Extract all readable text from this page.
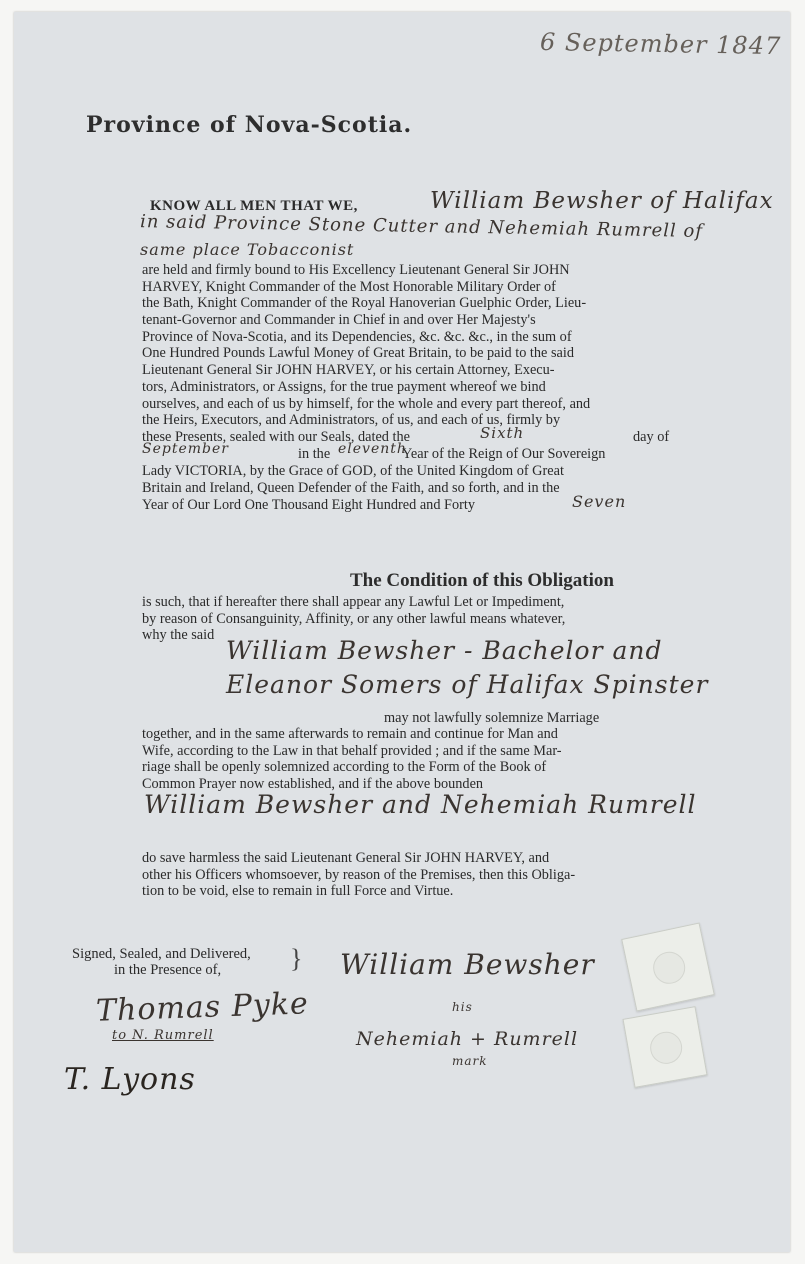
6 September 1847
Province of Nova-Scotia.
KNOW ALL MEN THAT WE,	William Bewsher of Halifax
in said Province Stone Cutter and Nehemiah Rumrell of
same place Tobacconist
are held and firmly bound to His Excellency Lieutenant General Sir JOHN
HARVEY, Knight Commander of the Most Honorable Military Order of
the Bath, Knight Commander of the Royal Hanoverian Guelphic Order, Lieu-
tenant-Governor and Commander in Chief in and over Her Majesty's
Province of Nova-Scotia, and its Dependencies, &c. &c. &c., in the sum of
One Hundred Pounds Lawful Money of Great Britain, to be paid to the said
Lieutenant General Sir JOHN HARVEY, or his certain Attorney, Execu-
tors, Administrators, or Assigns, for the true payment whereof we bind
ourselves, and each of us by himself, for the whole and every part thereof, and
the Heirs, Executors, and Administrators, of us, and each of us, firmly by
these Presents, sealed with our Seals, dated the	Sixth	day of
September	in the eleventh
Year of the Reign of Our Sovereign
Lady VICTORIA, by the Grace of GOD, of the United Kingdom of Great
Britain and Ireland, Queen Defender of the Faith, and so forth, and in the
Year of Our Lord One Thousand Eight Hundred and Forty	Seven
The Condition of this Obligation
is such, that if hereafter there shall appear any Lawful Let or Impediment,
by reason of Consanguinity, Affinity, or any other lawful means whatever,
why the said
William Bewsher - Bachelor and
Eleanor Somers of Halifax Spinster
may not lawfully solemnize Marriage
together, and in the same afterwards to remain and continue for Man and
Wife, according to the Law in that behalf provided ; and if the same Mar-
riage shall be openly solemnized according to the Form of the Book of
Common Prayer now established, and if the above bounden
William Bewsher and Nehemiah Rumrell
do save harmless the said Lieutenant General Sir JOHN HARVEY, and
other his Officers whomsoever, by reason of the Premises, then this Obliga-
tion to be void, else to remain in full Force and Virtue.
Signed, Sealed, and Delivered,
in the Presence of,	} William Bewsher
his
Nehemiah + Rumrell
mark
Thomas Pyke
to N. Rumrell
T. Lyons
